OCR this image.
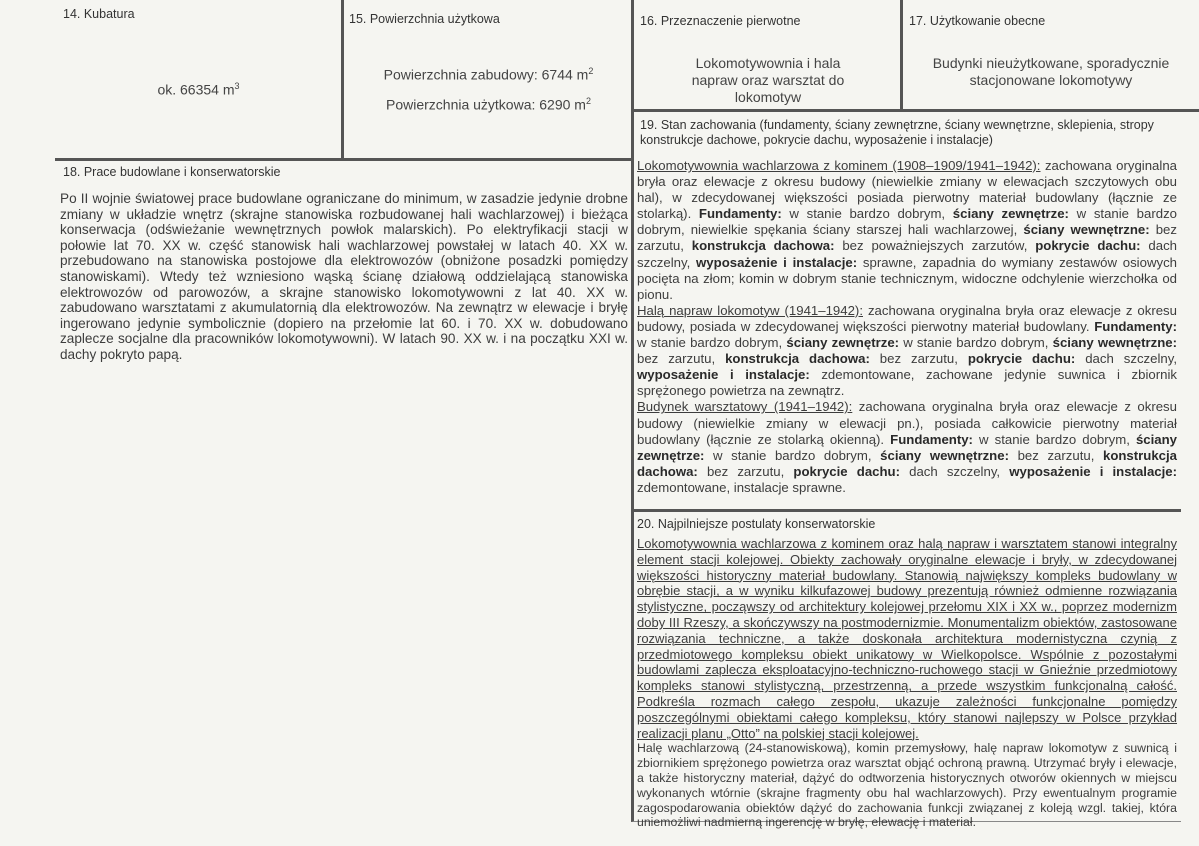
14. Kubatura
ok. 66354 $m^3$
15. Powierzchnia użytkowa
Powierzchnia zabudowy: 6744 $m^2$
Powierzchnia użytkowa: 6290 $m^2$
16. Przeznaczenie pierwotne
Lokomotywownia i hala napraw oraz warsztat do lokomotyw
17. Użytkowanie obecne
Budynki nieużytkowane, sporadycznie stacjonowane lokomotywy
18. Prace budowlane i konserwatorskie
Po II wojnie światowej prace budowlane ograniczane do minimum, w zasadzie jedynie drobne zmiany w układzie wnętrz (skrajne stanowiska rozbudowanej hali wachlarzowej) i bieżąca konserwacja (odświeżanie wewnętrznych powłok malarskich). Po elektryfikacji stacji w połowie lat 70. XX w. część stanowisk hali wachlarzowej powstałej w latach 40. XX w. przebudowano na stanowiska postojowe dla elektrowozów (obniżone posadzki pomiędzy stanowiskami). Wtedy też wzniesiono wąską ścianę działową oddzielającą stanowiska elektrowozów od parowozów, a skrajne stanowisko lokomotywowni z lat 40. XX w. zabudowano warsztatami z akumulatornią dla elektrowozów. Na zewnątrz w elewacje i bryłę ingerowano jedynie symbolicznie (dopiero na przełomie lat 60. i 70. XX w. dobudowano zaplecze socjalne dla pracowników lokomotywowni). W latach 90. XX w. i na początku XXI w. dachy pokryto papą.
19. Stan zachowania (fundamenty, ściany zewnętrzne, ściany wewnętrzne, sklepienia, stropy konstrukcje dachowe, pokrycie dachu, wyposażenie i instalacje)
Lokomotywownia wachlarzowa z kominem (1908–1909/1941–1942): zachowana oryginalna bryła oraz elewacje z okresu budowy (niewielkie zmiany w elewacjach szczytowych obu hal), w zdecydowanej większości posiada pierwotny materiał budowlany (łącznie ze stolarką). Fundamenty: w stanie bardzo dobrym, ściany zewnętrze: w stanie bardzo dobrym, niewielkie spękania ściany starszej hali wachlarzowej, ściany wewnętrzne: bez zarzutu, konstrukcja dachowa: bez poważniejszych zarzutów, pokrycie dachu: dach szczelny, wyposażenie i instalacje: sprawne, zapadnia do wymiany zestawów osiowych pocięta na złom; komin w dobrym stanie technicznym, widoczne odchylenie wierzchołka od pionu.
Halą napraw lokomotyw (1941–1942): zachowana oryginalna bryła oraz elewacje z okresu budowy, posiada w zdecydowanej większości pierwotny materiał budowlany. Fundamenty: w stanie bardzo dobrym, ściany zewnętrze: w stanie bardzo dobrym, ściany wewnętrzne: bez zarzutu, konstrukcja dachowa: bez zarzutu, pokrycie dachu: dach szczelny, wyposażenie i instalacje: zdemontowane, zachowane jedynie suwnica i zbiornik sprężonego powietrza na zewnątrz.
Budynek warsztatowy (1941–1942): zachowana oryginalna bryła oraz elewacje z okresu budowy (niewielkie zmiany w elewacji pn.), posiada całkowicie pierwotny materiał budowlany (łącznie ze stolarką okienną). Fundamenty: w stanie bardzo dobrym, ściany zewnętrze: w stanie bardzo dobrym, ściany wewnętrzne: bez zarzutu, konstrukcja dachowa: bez zarzutu, pokrycie dachu: dach szczelny, wyposażenie i instalacje: zdemontowane, instalacje sprawne.
20. Najpilniejsze postulaty konserwatorskie
Lokomotywownia wachlarzowa z kominem oraz halą napraw i warsztatem stanowi integralny element stacji kolejowej. Obiekty zachowały oryginalne elewacje i bryły, w zdecydowanej większości historyczny materiał budowlany. Stanowią największy kompleks budowlany w obrębie stacji, a w wyniku kilkufazowej budowy prezentują również odmienne rozwiązania stylistyczne, począwszy od architektury kolejowej przełomu XIX i XX w., poprzez modernizm doby III Rzeszy, a skończywszy na postmodernizmie. Monumentalizm obiektów, zastosowane rozwiązania techniczne, a także doskonała architektura modernistyczna czynią z przedmiotowego kompleksu obiekt unikatowy w Wielkopolsce. Wspólnie z pozostałymi budowlami zaplecza eksploatacyjno-techniczno-ruchowego stacji w Gnieźnie przedmiotowy kompleks stanowi stylistyczną, przestrzenną, a przede wszystkim funkcjonalną całość. Podkreśla rozmach całego zespołu, ukazuje zależności funkcjonalne pomiędzy poszczególnymi obiektami całego kompleksu, który stanowi najlepszy w Polsce przykład realizacji planu „Otto” na polskiej stacji kolejowej.
Halę wachlarzową (24-stanowiskową), komin przemysłowy, halę napraw lokomotyw z suwnicą i zbiornikiem sprężonego powietrza oraz warsztat objąć ochroną prawną. Utrzymać bryły i elewacje, a także historyczny materiał, dążyć do odtworzenia historycznych otworów okiennych w miejscu wykonanych wtórnie (skrajne fragmenty obu hal wachlarzowych). Przy ewentualnym programie zagospodarowania obiektów dążyć do zachowania funkcji związanej z koleją wzgl. takiej, która uniemożliwi nadmierną ingerencję w bryłę, elewację i materiał.
